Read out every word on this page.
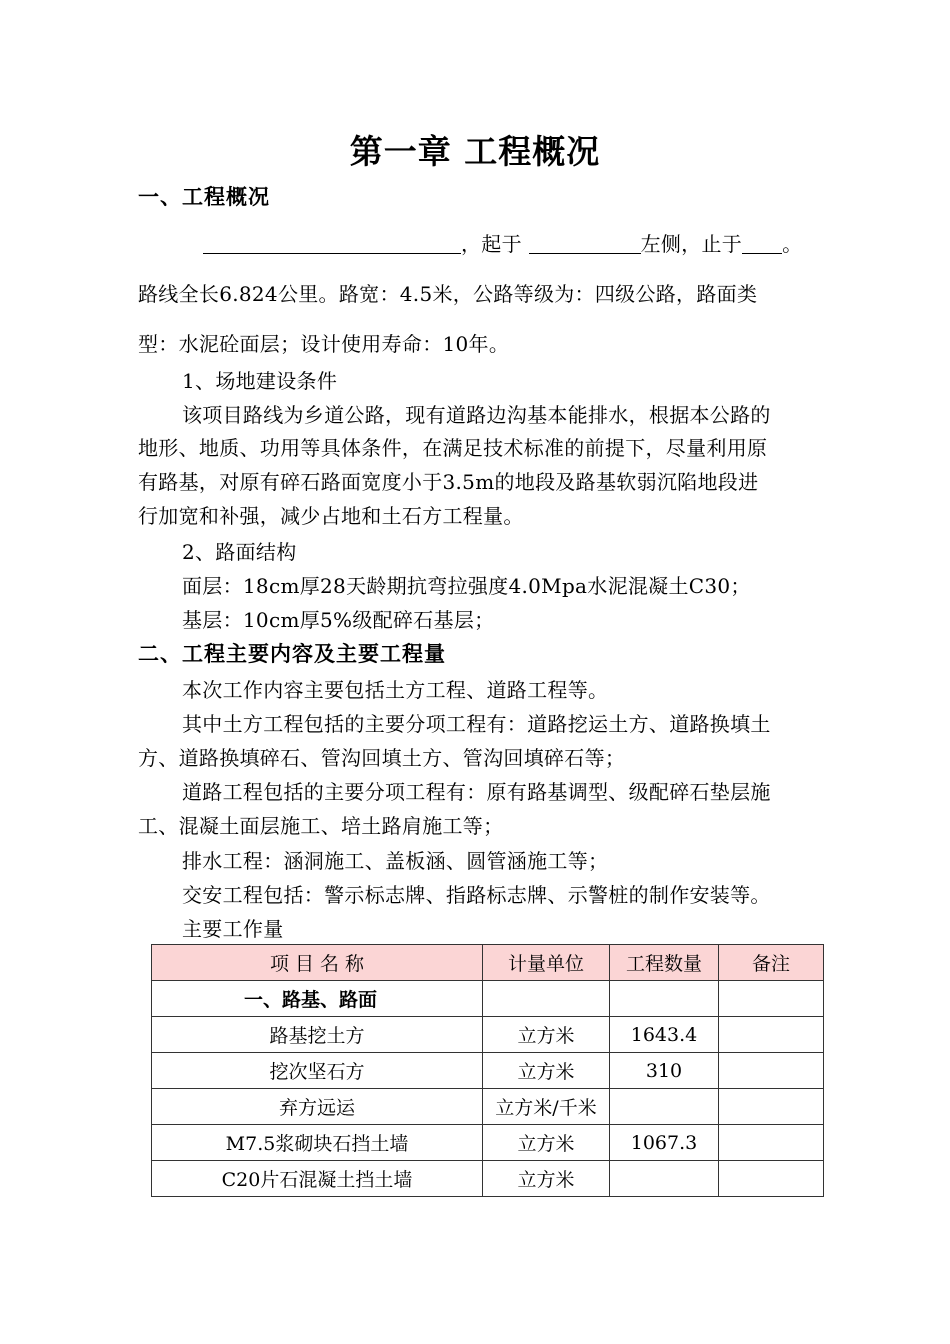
第一章 工程概况
一、工程概况
，起于	左侧，止于 。
路线全长6.824公里。路宽：4.5米，公路等级为：四级公路，路面类
型：水泥砼面层；设计使用寿命：10年。
1、场地建设条件
该项目路线为乡道公路，现有道路边沟基本能排水，根据本公路的
地形、地质、功用等具体条件，在满足技术标准的前提下，尽量利用原
有路基，对原有碎石路面宽度小于3.5m的地段及路基软弱沉陷地段进
行加宽和补强，减少占地和土石方工程量。
2、路面结构
面层：18cm厚28天龄期抗弯拉强度4.0Mpa水泥混凝土C30；
基层：10cm厚5%级配碎石基层；
二、工程主要内容及主要工程量
本次工作内容主要包括土方工程、道路工程等。
其中土方工程包括的主要分项工程有：道路挖运土方、道路换填土
方、道路换填碎石、管沟回填土方、管沟回填碎石等；
道路工程包括的主要分项工程有：原有路基调型、级配碎石垫层施
工、混凝土面层施工、培土路肩施工等；
排水工程：涵洞施工、盖板涵、圆管涵施工等；
交安工程包括：警示标志牌、指路标志牌、示警桩的制作安装等。
主要工作量
项 目 名 称	计量单位	工程数量	备注
一、路基、路面			
路基挖土方	立方米	1643.4	
挖次坚石方	立方米	310	
弃方远运	立方米/千米		
M7.5浆砌块石挡土墙	立方米	1067.3	
C20片石混凝土挡土墙	立方米		
